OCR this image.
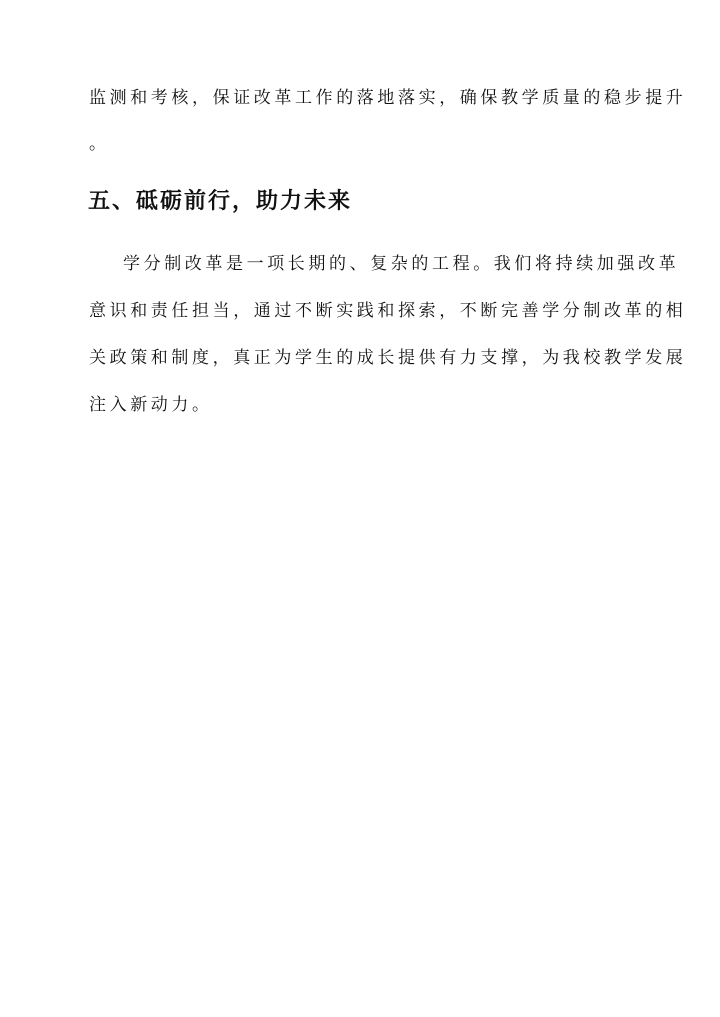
监测和考核，保证改革工作的落地落实，确保教学质量的稳步提升
。
五、砥砺前行，助力未来
学分制改革是一项长期的、复杂的工程。我们将持续加强改革
意识和责任担当，通过不断实践和探索，不断完善学分制改革的相
关政策和制度，真正为学生的成长提供有力支撑，为我校教学发展
注入新动力。
